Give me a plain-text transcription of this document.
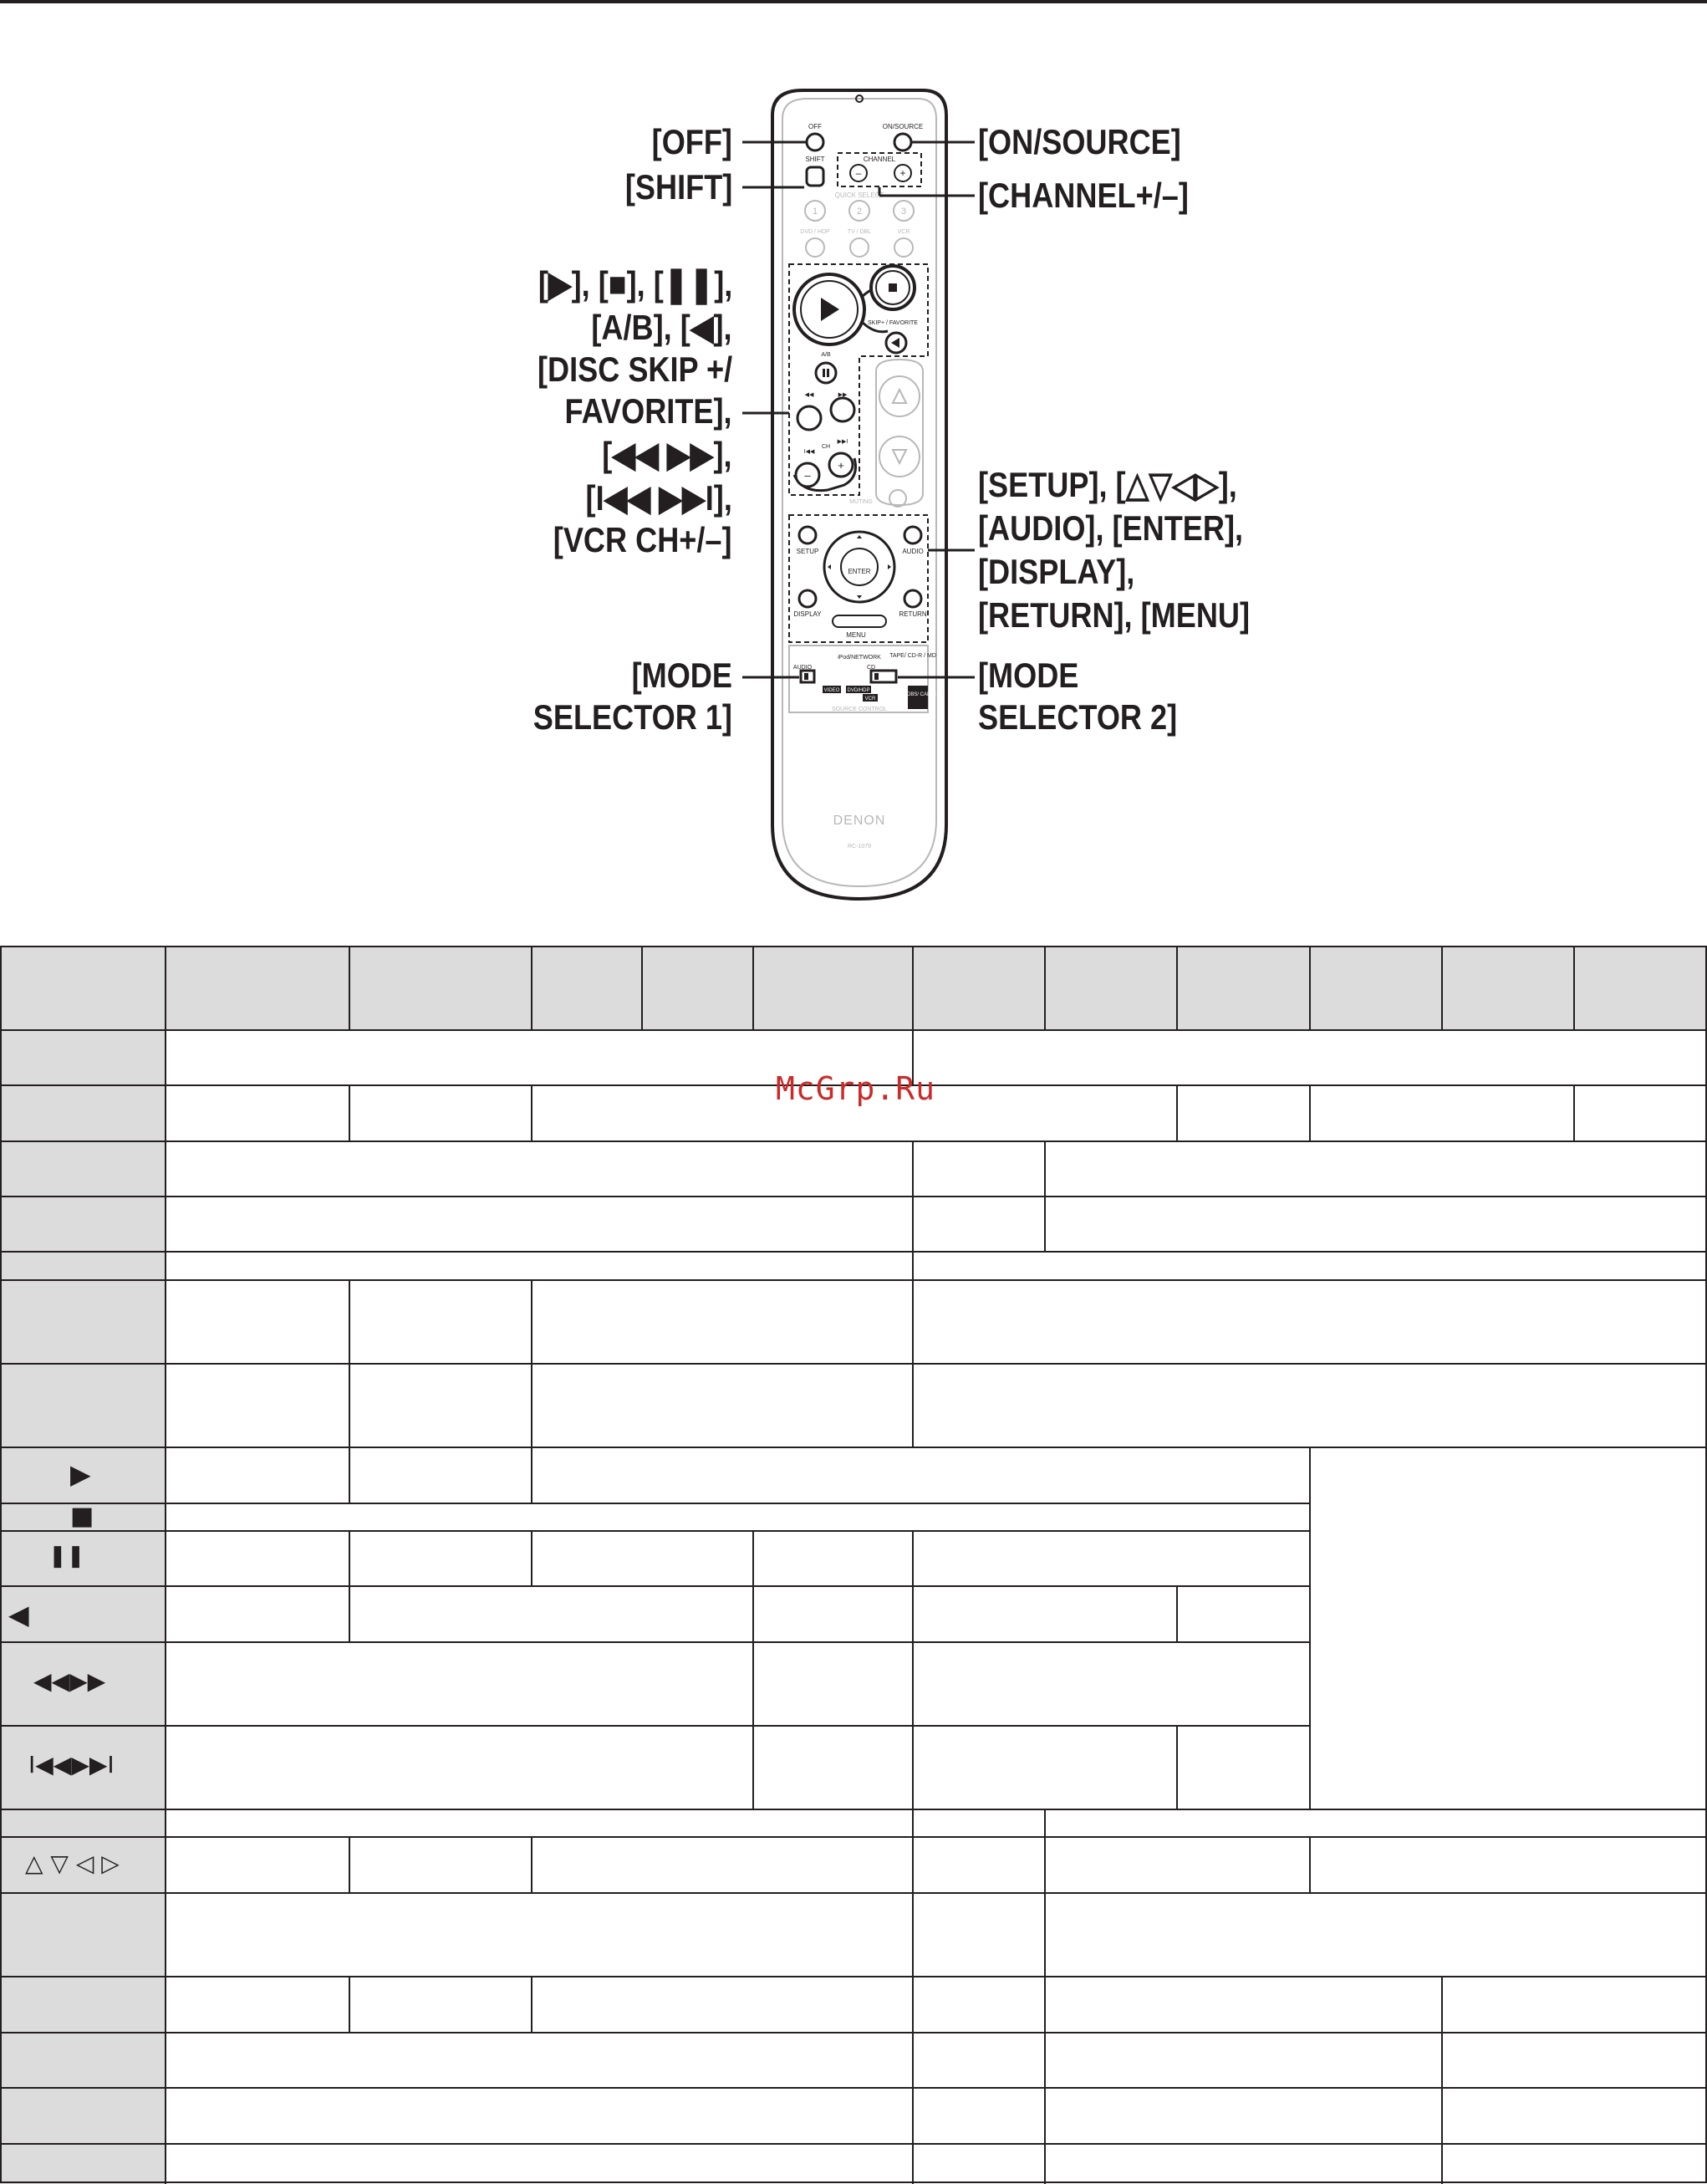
OFF	ON/SOURCE
SHIFT	CHANNEL
–	+
QUICK SELECT
1	2	3
DVD / HDP	TV / DBL	VCR
SKIP+ / FAVORITE
A/B
◀◀	▶▶
I◀◀
▶▶I
CH
–
+
MUTING
SETUP	AUDIO
ENTER
DISPLAY	RETURN
MENU
iPod/NETWORK
CD
TAPE/ CD-R / MD
AUDIO
VIDEO DVD/HDP
VCR
TV DBS/ CABLE
SOURCE CONTROL
DENON
RC-1079
[OFF]
[SHIFT]
[▶], [■], [❚❚],
[A/B], [◀],
[DISC SKIP +/
FAVORITE],
[◀◀ ▶▶],
[I◀◀ ▶▶I],
[VCR CH+/–]
[MODE
SELECTOR 1]
[ON/SOURCE]
[CHANNEL+/–]
[SETUP], [△▽◁▷],
[AUDIO], [ENTER],
[DISPLAY],
[RETURN], [MENU]
[MODE
SELECTOR 2]
▶
■
❚❚
◀
◀◀▶▶
I◀◀▶▶I
△ ▽ ◁ ▷
McGrp.Ru
